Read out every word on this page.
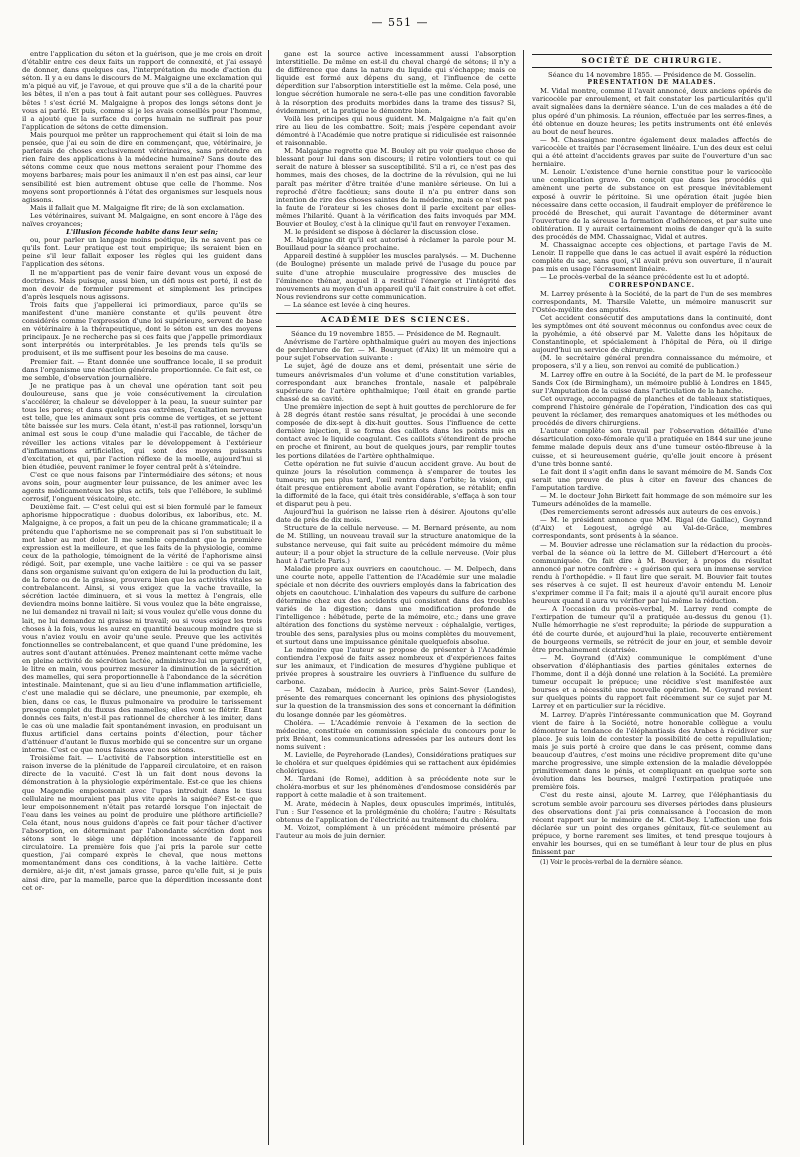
— 551 —

entre l'application du séton et la guérison, que je me crois en droit d'établir entre ces deux faits un rapport de connexité, et j'ai essayé de donner, dans quelques cas, l'interprétation du mode d'action du séton. Il y a eu dans le discours de M. Malgaigne une exclamation qui m'a piqué au vif, je l'avoue, et qui prouve que s'il a de la charité pour les bêtes, il n'en a pas tout à fait autant pour ses collègues. Pauvres bêtes ! s'est écrié M. Malgaigne à propos des longs sétons dont je vous ai parlé. Et puis, comme si je les avais conseillés pour l'homme, il a ajouté que la surface du corps humain ne suffirait pas pour l'application de sétons de cette dimension.

Mais pourquoi me prêter un rapprochement qui était si loin de ma pensée, que j'ai eu soin de dire en commençant, que, vétérinaire, je parlerais de choses exclusivement vétérinaires, sans prétendre en rien faire des applications à la médecine humaine? Sans doute des sétons comme ceux que nous mettons seraient pour l'homme des moyens barbares; mais pour les animaux il n'en est pas ainsi, car leur sensibilité est bien autrement obtuse que celle de l'homme. Nos moyens sont proportionnés à l'état des organismes sur lesquels nous agissons.

Mais il fallait que M. Malgaigne fît rire; de là son exclamation.

Les vétérinaires, suivant M. Malgaigne, en sont encore à l'âge des naïves croyances;

L'illusion féconde habite dans leur sein;

ou, pour parler un langage moins poétique, ils ne savent pas ce qu'ils font. Leur pratique est tout empirique; ils seraient bien en peine s'il leur fallait exposer les règles qui les guident dans l'application des sétons.

Il ne m'appartient pas de venir faire devant vous un exposé de doctrines. Mais puisque, aussi bien, un défi nous est porté, il est de mon devoir de formuler purement et simplement les principes d'après lesquels nous agissons.

Trois faits que j'appellerai ici primordiaux, parce qu'ils se manifestent d'une manière constante et qu'ils peuvent être considérés comme l'expression d'une loi supérieure, servent de base en vétérinaire à la thérapeutique, dont le séton est un des moyens principaux. Je ne recherche pas si ces faits que j'appelle primordiaux sont interprétés ou interprétables. Je les prends tels qu'ils se produisent, et ils me suffisent pour les besoins de ma cause.

Premier fait. — Étant donnée une souffrance locale, il se produit dans l'organisme une réaction générale proportionnée. Ce fait est, ce me semble, d'observation journalière.

Je ne pratique pas à un cheval une opération tant soit peu douloureuse, sans que je voie consécutivement la circulation s'accélérer, la chaleur se développer à la peau, la sueur suinter par tous les pores; et dans quelques cas extrêmes, l'exaltation nerveuse est telle, que les animaux sont pris comme de vertiges, et se jettent tête baissée sur les murs. Cela étant, n'est-il pas rationnel, lorsqu'un animal est sous le coup d'une maladie qui l'accable, de tâcher de réveiller les actions vitales par le développement à l'extérieur d'inflammations artificielles, qui sont des moyens puissants d'excitation, et qui, par l'action réflexe de la moelle, aujourd'hui si bien étudiée, peuvent ranimer le foyer central prêt à s'éteindre.

C'est ce que nous faisons par l'intermédiaire des sétons; et nous avons soin, pour augmenter leur puissance, de les animer avec les agents médicamenteux les plus actifs, tels que l'ellébore, le sublimé corrosif, l'onguent vésicatoire, etc.

Deuxième fait. — C'est celui qui est si bien formulé par le fameux aphorisme hippocratique : duobus doloribus, ex laboribus, etc. M. Malgaigne, à ce propos, a fait un peu de la chicane grammaticale; il a prétendu que l'aphorisme ne se comprenait pas si l'on substituait le mot labor au mot dolor. Il me semble cependant que la première expression est la meilleure, et que les faits de la physiologie, comme ceux de la pathologie, témoignent de la vérité de l'aphorisme ainsi rédigé. Soit, par exemple, une vache laitière : ce qui va se passer dans son organisme suivant qu'on exigera de lui la production du lait, de la force ou de la graisse, prouvera bien que les activités vitales se contrebalancent. Ainsi, si vous exigez que la vache travaille, la sécrétion lactée diminuera, et si vous la mettez à l'engrais, elle deviendra moins bonne laitière. Si vous voulez que la bête engraisse, ne lui demandez ni travail ni lait; si vous voulez qu'elle vous donne du lait, ne lui demandez ni graisse ni travail; ou si vous exigez les trois choses à la fois, vous les aurez en quantité beaucoup moindre que si vous n'aviez voulu en avoir qu'une seule. Preuve que les activités fonctionnelles se contrebalancent, et que quand l'une prédomine, les autres sont d'autant atténuées. Prenez maintenant cette même vache en pleine activité de sécrétion lactée, administrez-lui un purgatif; et, le litre en main, vous pourrez mesurer la diminution de la sécrétion des mamelles, qui sera proportionnelle à l'abondance de la sécrétion intestinale. Maintenant, que si au lieu d'une inflammation artificielle, c'est une maladie qui se déclare, une pneumonie, par exemple, eh bien, dans ce cas, le fluxus pulmonaire va produire le tarissement presque complet du fluxus des mamelles; elles vont se flétrir. Étant donnés ces faits, n'est-il pas rationnel de chercher à les imiter, dans le cas où une maladie fait spontanément invasion, en produisant un fluxus artificiel dans certains points d'élection, pour tâcher d'atténuer d'autant le fluxus morbide qui se concentre sur un organe interne. C'est ce que nous faisons avec nos sétons.

Troisième fait. — L'activité de l'absorption interstitielle est en raison inverse de la plénitude de l'appareil circulatoire, et en raison directe de la vacuité. C'est là un fait dont nous devons la démonstration à la physiologie expérimentale. Est-ce que les chiens que Magendie empoisonnait avec l'upas introduit dans le tissu cellulaire ne mouraient pas plus vite après la saignée? Est-ce que leur empoisonnement n'était pas retardé lorsque l'on injectait de l'eau dans les veines au point de produire une pléthore artificielle? Cela étant, nous nous guidons d'après ce fait pour tâcher d'activer l'absorption, en déterminant par l'abondante sécrétion dont nos sétons sont le siège une déplétion incessante de l'appareil circulatoire. La première fois que j'ai pris la parole sur cette question, j'ai comparé exprès le cheval, que nous mettons momentanément dans ces conditions, à la vache laitière. Cette dernière, ai-je dit, n'est jamais grasse, parce qu'elle fuit, si je puis ainsi dire, par la mamelle, parce que la déperdition incessante dont cet or-

gane est la source active incessamment aussi l'absorption interstitielle. De même en est-il du cheval chargé de sétons; il n'y a de différence que dans la nature du liquide qui s'échappe; mais ce liquide est formé aux dépens du sang, et l'influence de cette déperdition sur l'absorption interstitielle est la même. Cela posé, une longue sécrétion humorale ne sera-t-elle pas une condition favorable à la résorption des produits morbides dans la trame des tissus? Si, évidemment, et la pratique le démontre bien.

Voilà les principes qui nous guident. M. Malgaigne n'a fait qu'en rire au lieu de les combattre. Soit; mais j'espère cependant avoir démontré à l'Académie que notre pratique si ridiculisée est raisonnée et raisonnable.

M. Malgaigne regrette que M. Bouley ait pu voir quelque chose de blessant pour lui dans son discours; il retire volontiers tout ce qui serait de nature à blesser sa susceptibilité. S'il a ri, ce n'est pas des hommes, mais des choses, de la doctrine de la révulsion, qui ne lui paraît pas mériter d'être traitée d'une manière sérieuse. On lui a reproché d'être facétieux; sans doute il n'a pu entrer dans son intention de rire des choses saintes de la médecine, mais ce n'est pas la faute de l'orateur si les choses dont il parle excitent par elles-mêmes l'hilarité. Quant à la vérification des faits invoqués par MM. Bouvier et Bouley, c'est à la clinique qu'il faut en renvoyer l'examen.

M. le président se dispose à déclarer la discussion close.

M. Malgaigne dit qu'il est autorisé à réclamer la parole pour M. Bouillaud pour la séance prochaine.

Appareil destiné à suppléer les muscles paralysés. — M. Duchenne (de Boulogne) présente un malade privé de l'usage du pouce par suite d'une atrophie musculaire progressive des muscles de l'éminence thénar, auquel il a restitué l'énergie et l'intégrité des mouvements au moyen d'un appareil qu'il a fait construire à cet effet. Nous reviendrons sur cette communication.

— La séance est levée à cinq heures.

ACADÉMIE DES SCIENCES.

Séance du 19 novembre 1855. — Présidence de M. Regnault.

Anévrisme de l'artère ophthalmique guéri au moyen des injections de perchlorure de fer. — M. Bourguet (d'Aix) lit un mémoire qui a pour sujet l'observation suivante :

Le sujet, âgé de douze ans et demi, présentait une série de tumeurs anévrismales d'un volume et d'une constitution variables, correspondant aux branches frontale, nasale et palpébrale supérieure de l'artère ophthalmique; l'œil était en grande partie chassé de sa cavité.

Une première injection de sept à huit gouttes de perchlorure de fer à 28 degrés étant restée sans résultat, je procédai à une seconde composée de dix-sept à dix-huit gouttes. Sous l'influence de cette dernière injection, il se forma des caillots dans les points mis en contact avec le liquide coagulant. Ces caillots s'étendirent de proche en proche et finirent, au bout de quelques jours, par remplir toutes les portions dilatées de l'artère ophthalmique.

Cette opération ne fut suivie d'aucun accident grave. Au bout de quinze jours la résolution commença à s'emparer de toutes les tumeurs; un peu plus tard, l'œil rentra dans l'orbite; la vision, qui était presque entièrement abolie avant l'opération, se rétablit; enfin la difformité de la face, qui était très considérable, s'effaça à son tour et disparut peu à peu.

Aujourd'hui la guérison ne laisse rien à désirer. Ajoutons qu'elle date de près de dix mois.

Structure de la cellule nerveuse. — M. Bernard présente, au nom de M. Stilling, un nouveau travail sur la structure anatomique de la substance nerveuse, qui fait suite au précédent mémoire du même auteur; il a pour objet la structure de la cellule nerveuse. (Voir plus haut à l'article Paris.)

Maladie propre aux ouvriers en caoutchouc. — M. Delpech, dans une courte note, appelle l'attention de l'Académie sur une maladie spéciale et non décrite des ouvriers employés dans la fabrication des objets en caoutchouc. L'inhalation des vapeurs du sulfure de carbone détermine chez eux des accidents qui consistent dans des troubles variés de la digestion; dans une modification profonde de l'intelligence : hébétude, perte de la mémoire, etc.; dans une grave altération des fonctions du système nerveux : céphalalgie, vertiges, trouble des sens, paralysies plus ou moins complètes du mouvement, et surtout dans une impuissance génitale quelquefois absolue.

Le mémoire que l'auteur se propose de présenter à l'Académie contiendra l'exposé de faits assez nombreux et d'expériences faites sur les animaux, et l'indication de mesures d'hygiène publique et privée propres à soustraire les ouvriers à l'influence du sulfure de carbone.

— M. Cazaban, médecin à Aurice, près Saint-Sever (Landes), présente des remarques concernant les opinions des physiologistes sur la question de la transmission des sons et concernant la définition du losange donnée par les géomètres.

Choléra. — L'Académie renvoie à l'examen de la section de médecine, constituée en commission spéciale du concours pour le prix Bréant, les communications adressées par les auteurs dont les noms suivent :

M. Lavielle, de Peyrehorade (Landes), Considérations pratiques sur le choléra et sur quelques épidémies qui se rattachent aux épidémies cholériques.

M. Tardani (de Rome), addition à sa précédente note sur le choléra-morbus et sur les phénomènes d'endosmose considérés par rapport à cette maladie et à son traitement.

M. Arate, médecin à Naples, deux opuscules imprimés, intitulés, l'un : Sur l'essence et la prolégménie du choléra; l'autre : Résultats obtenus de l'application de l'électricité au traitement du choléra.

M. Voizot, complément à un précédent mémoire présenté par l'auteur au mois de juin dernier.

SOCIÉTÉ DE CHIRURGIE.

Séance du 14 novembre 1855. — Présidence de M. Gosselin.

PRÉSENTATION DE MALADES.

M. Vidal montre, comme il l'avait annoncé, deux anciens opérés de varicocèle par enroulement, et fait constater les particularités qu'il avait signalées dans la dernière séance. L'un de ces malades a été de plus opéré d'un phimosis. La réunion, effectuée par les serres-fines, a été obtenue en douze heures; les petits instruments ont été enlevés au bout de neuf heures.

— M. Chassaignac montre également deux malades affectés de varicocèle et traités par l'écrasement linéaire. L'un des deux est celui qui a été atteint d'accidents graves par suite de l'ouverture d'un sac herniaire.

M. Lenoir. L'existence d'une hernie constitue pour le varicocèle une complication grave. On conçoit que dans les procédés qui amènent une perte de substance on est presque inévitablement exposé à ouvrir le péritoine. Si une opération était jugée bien nécessaire dans cette occasion, il faudrait employer de préférence le procédé de Breschet, qui aurait l'avantage de déterminer avant l'ouverture de la séreuse la formation d'adhérences, et par suite une oblitération. Il y aurait certainement moins de danger qu'à la suite des procédés de MM. Chassaignac, Vidal et autres.

M. Chassaignac accepte ces objections, et partage l'avis de M. Lenoir. Il rappelle que dans le cas actuel il avait espéré la réduction complète du sac, sans quoi, s'il avait prévu son ouverture, il n'aurait pas mis en usage l'écrasement linéaire.

— Le procès-verbal de la séance précédente est lu et adopté.

CORRESPONDANCE.

M. Larrey présente à la Société, de la part de l'un de ses membres correspondants, M. Tharsile Valette, un mémoire manuscrit sur l'Ostéo-myélite des amputés.

Cet accident consécutif des amputations dans la continuité, dont les symptômes ont été souvent méconnus ou confondus avec ceux de la pyohémie, a été observé par M. Valette dans les hôpitaux de Constantinople, et spécialement à l'hôpital de Péra, où il dirige aujourd'hui un service de chirurgie.

(M. le secrétaire général prendra connaissance du mémoire, et proposera, s'il y a lieu, son renvoi au comité de publication.)

M. Larrey offre en outre à la Société, de la part de M. le professeur Sands Cox (de Birmingham), un mémoire publié à Londres en 1845, sur l'Amputation de la cuisse dans l'articulation de la hanche.

Cet ouvrage, accompagné de planches et de tableaux statistiques, comprend l'histoire générale de l'opération, l'indication des cas qui peuvent la réclamer, des remarques anatomiques et les méthodes ou procédés de divers chirurgiens.

L'auteur complète son travail par l'observation détaillée d'une désarticulation coxo-fémorale qu'il a pratiquée en 1844 sur une jeune femme malade depuis deux ans d'une tumeur ostéo-fibreuse à la cuisse, et si heureusement guérie, qu'elle jouit encore à présent d'une très bonne santé.

Le fait dont il s'agit enfin dans le savant mémoire de M. Sands Cox serait une preuve de plus à citer en faveur des chances de l'amputation tardive.

— M. le docteur John Birkett fait hommage de son mémoire sur les Tumeurs adénoïdes de la mamelle.

(Des remerciements seront adressés aux auteurs de ces envois.)

— M. le président annonce que MM. Rigal (de Gaillac), Goyrand (d'Aix) et Legouest, agrégé au Val-de-Grâce, membres correspondants, sont présents à la séance.

— M. Bouvier adresse une réclamation sur la rédaction du procès-verbal de la séance où la lettre de M. Gillebert d'Hercourt a été communiquée. On fait dire à M. Bouvier, à propos du résultat annoncé par notre confrère : « guérison qui sera un immense service rendu à l'orthopédie. » Il faut lire que serait. M. Bouvier fait toutes ses réserves à ce sujet. Il est heureux d'avoir entendu M. Lenoir s'exprimer comme il l'a fait; mais il a ajouté qu'il aurait encore plus heureux quand il aura vu vérifier par lui-même la réduction.

— A l'occasion du procès-verbal, M. Larrey rend compte de l'extirpation de tumeur qu'il a pratiquée au-dessus du genou (1). Nulle hémorrhagie ne s'est reproduite; la période de suppuration a été de courte durée, et aujourd'hui la plaie, recouverte entièrement de bourgeons vermeils, se rétrécit de jour en jour, et semble devoir être prochainement cicatrisée.

— M. Goyrand (d'Aix) communique le complément d'une observation d'éléphantiasis des parties génitales externes de l'homme, dont il a déjà donné une relation à la Société. La première tumeur occupait le prépuce; une récidive s'est manifestée aux bourses et a nécessité une nouvelle opération. M. Goyrand revient sur quelques points du rapport fait récemment sur ce sujet par M. Larrey et en particulier sur la récidive.

M. Larrey. D'après l'intéressante communication que M. Goyrand vient de faire à la Société, notre honorable collègue a voulu démontrer la tendance de l'éléphantiasis des Arabes à récidiver sur place. Je suis loin de contester la possibilité de cette repullulation; mais je suis porté à croire que dans le cas présent, comme dans beaucoup d'autres, c'est moins une récidive proprement dite qu'une marche progressive, une simple extension de la maladie développée primitivement dans le pénis, et compliquant en quelque sorte son évolution dans les bourses, malgré l'extirpation pratiquée une première fois.

C'est du reste ainsi, ajoute M. Larrey, que l'éléphantiasis du scrotum semble avoir parcouru ses diverses périodes dans plusieurs des observations dont j'ai pris connaissance à l'occasion de mon récent rapport sur le mémoire de M. Clot-Bey. L'affection une fois déclarée sur un point des organes génitaux, fût-ce seulement au prépuce, y borne rarement ses limites, et tend presque toujours à envahir les bourses, qui en se tuméfiant à leur tour de plus en plus finissent par

(1) Voir le procès-verbal de la dernière séance.
